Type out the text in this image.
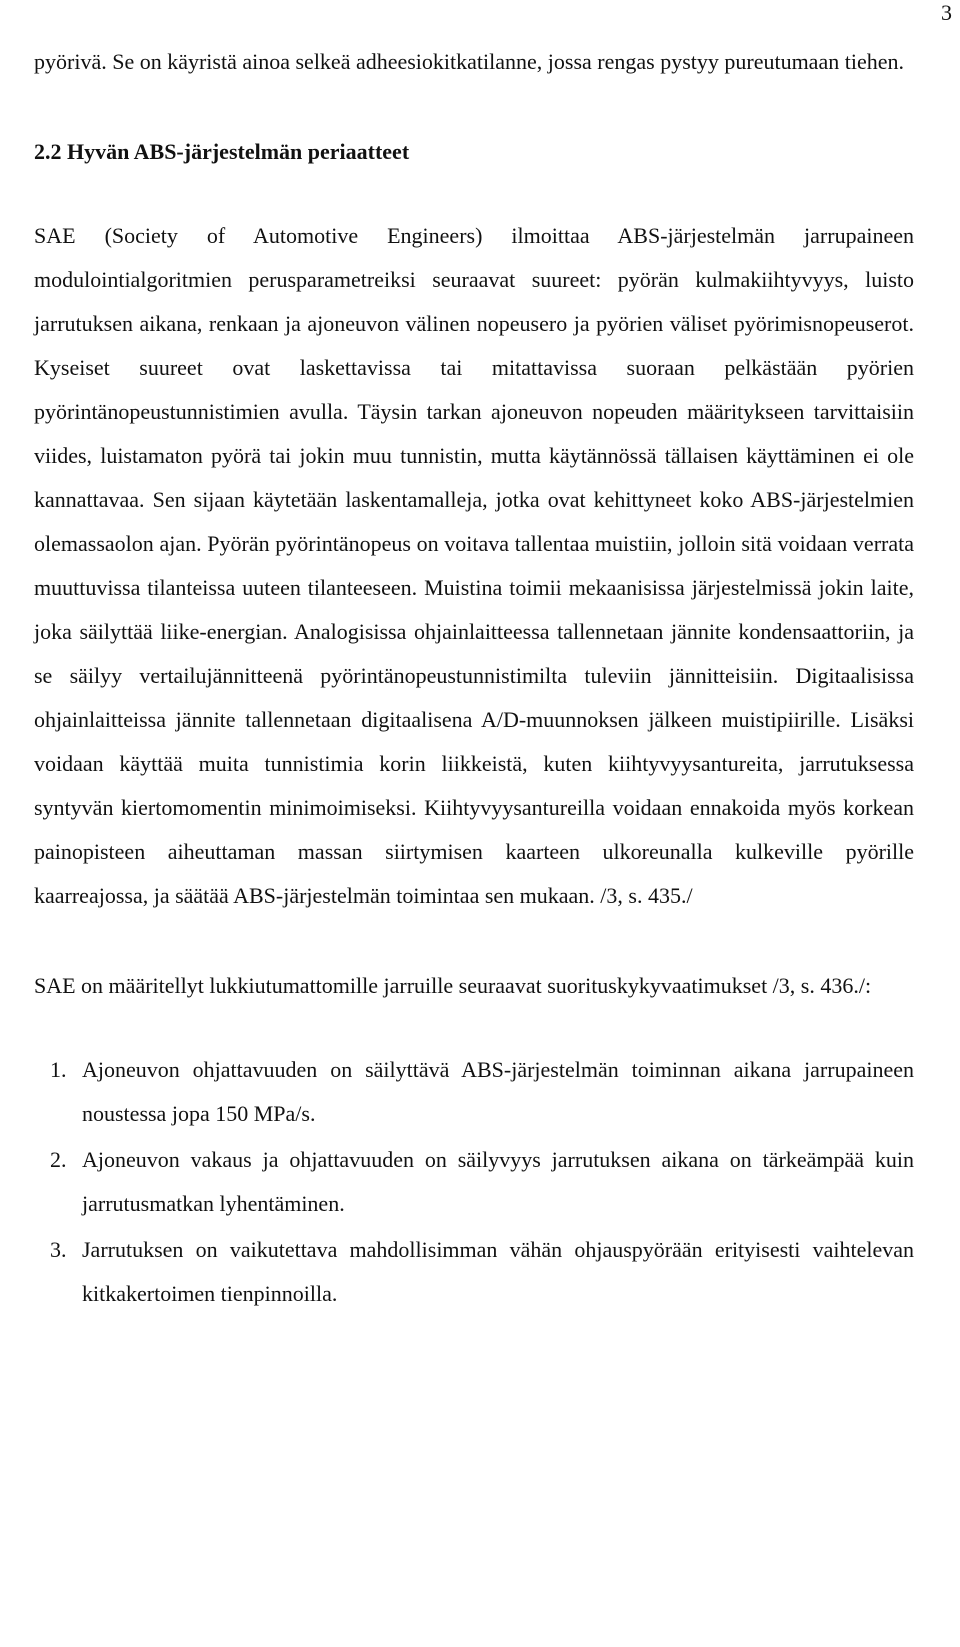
3

pyörivä. Se on käyristä ainoa selkeä adheesiokitkatilanne, jossa rengas pystyy pureutumaan tiehen.

2.2 Hyvän ABS-järjestelmän periaatteet

SAE (Society of Automotive Engineers) ilmoittaa ABS-järjestelmän jarrupaineen modulointialgoritmien perusparametreiksi seuraavat suureet: pyörän kulmakiihtyvyys, luisto jarrutuksen aikana, renkaan ja ajoneuvon välinen nopeusero ja pyörien väliset pyörimisnopeuserot. Kyseiset suureet ovat laskettavissa tai mitattavissa suoraan pelkästään pyörien pyörintänopeustunnistimien avulla. Täysin tarkan ajoneuvon nopeuden määritykseen tarvittaisiin viides, luistamaton pyörä tai jokin muu tunnistin, mutta käytännössä tällaisen käyttäminen ei ole kannattavaa. Sen sijaan käytetään laskentamalleja, jotka ovat kehittyneet koko ABS-järjestelmien olemassaolon ajan. Pyörän pyörintänopeus on voitava tallentaa muistiin, jolloin sitä voidaan verrata muuttuvissa tilanteissa uuteen tilanteeseen. Muistina toimii mekaanisissa järjestelmissä jokin laite, joka säilyttää liike-energian. Analogisissa ohjainlaitteessa tallennetaan jännite kondensaattoriin, ja se säilyy vertailujännitteenä pyörintänopeustunnistimilta tuleviin jännitteisiin. Digitaalisissa ohjainlaitteissa jännite tallennetaan digitaalisena A/D-muunnoksen jälkeen muistipiirille. Lisäksi voidaan käyttää muita tunnistimia korin liikkeistä, kuten kiihtyvyysantureita, jarrutuksessa syntyvän kiertomomentin minimoimiseksi. Kiihtyvyysantureilla voidaan ennakoida myös korkean painopisteen aiheuttaman massan siirtymisen kaarteen ulkoreunalla kulkeville pyörille kaarreajossa, ja säätää ABS-järjestelmän toimintaa sen mukaan. /3, s. 435./

SAE on määritellyt lukkiutumattomille jarruille seuraavat suorituskykyvaatimukset /3, s. 436./:

1. Ajoneuvon ohjattavuuden on säilyttävä ABS-järjestelmän toiminnan aikana jarrupaineen noustessa jopa 150 MPa/s.
2. Ajoneuvon vakaus ja ohjattavuuden on säilyvyys jarrutuksen aikana on tärkeämpää kuin jarrutusmatkan lyhentäminen.
3. Jarrutuksen on vaikutettava mahdollisimman vähän ohjauspyörään erityisesti vaihtelevan kitkakertoimen tienpinnoilla.
